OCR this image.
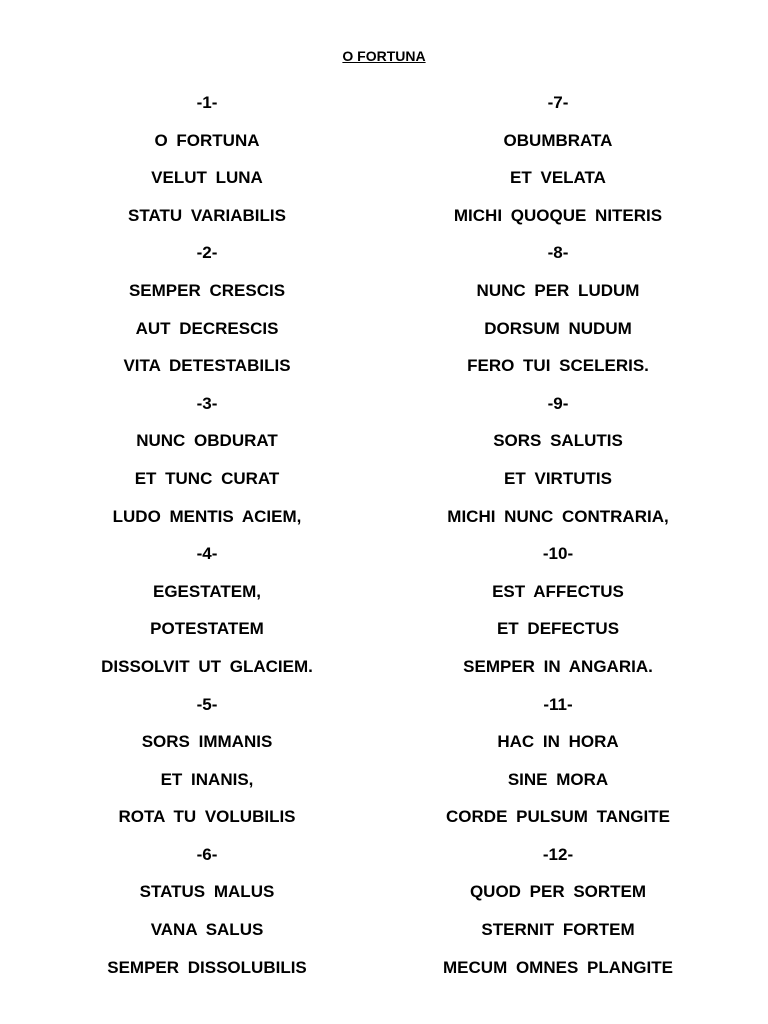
O FORTUNA
-1-
O FORTUNA
VELUT LUNA
STATU VARIABILIS
-2-
SEMPER CRESCIS
AUT DECRESCIS
VITA DETESTABILIS
-3-
NUNC OBDURAT
ET TUNC CURAT
LUDO MENTIS ACIEM,
-4-
EGESTATEM,
POTESTATEM
DISSOLVIT UT GLACIEM.
-5-
SORS IMMANIS
ET INANIS,
ROTA TU VOLUBILIS
-6-
STATUS MALUS
VANA SALUS
SEMPER DISSOLUBILIS
-7-
OBUMBRATA
ET VELATA
MICHI QUOQUE NITERIS
-8-
NUNC PER LUDUM
DORSUM NUDUM
FERO TUI SCELERIS.
-9-
SORS SALUTIS
ET VIRTUTIS
MICHI NUNC CONTRARIA,
-10-
EST AFFECTUS
ET DEFECTUS
SEMPER IN ANGARIA.
-11-
HAC IN HORA
SINE MORA
CORDE PULSUM TANGITE
-12-
QUOD PER SORTEM
STERNIT FORTEM
MECUM OMNES PLANGITE
